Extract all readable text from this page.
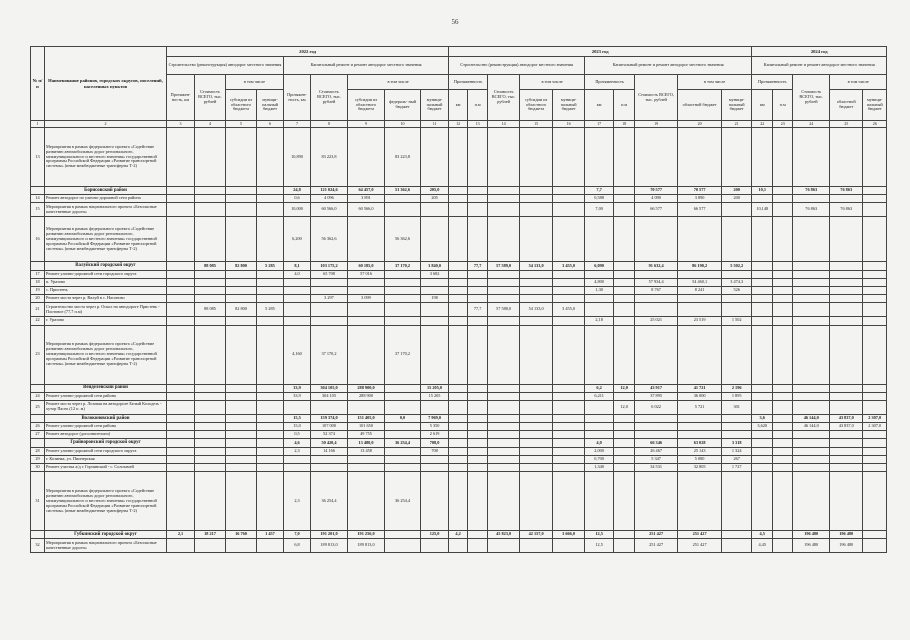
56
№ п/п	Наименование районов, городских округов, поселений, населенных пунктов	2022 год									2023 год										2024 год				
		Строительство (реконструкция) автодорог местного значения				Капитальный ремонт и ремонт автодорог местного значения					Строительство (реконструкция) автодорог местного значения					Капитальный ремонт и ремонт автодорог местного значения					Капитальный ремонт и ремонт автодорог местного значения				
		Протяжен- ность, км	Стоимость ВСЕГО, тыс. рублей	в том числе		Протяжен- ность, км	Стоимость ВСЕГО, тыс. рублей	в том числе			Протяженность		Стоимость ВСЕГО, тыс. рублей	в том числе		Протяженность		Стоимость ВСЕГО, тыс. рублей	в том числе		Протяженность		Стоимость ВСЕГО, тыс. рублей	в том числе	
				субсидии из областного бюджета	муници- пальный бюджет			субсидии из областного бюджета	федераль- ный бюджет	муници- пальный бюджет	км	п.м		субсидии из областного бюджета	муници- пальный бюджет	км	п.м		областной бюджет	муници- пальный бюджет	км	п.м		областной бюджет	муници- пальный бюджет
1	2	3	4	5	6	7	8	9	10	11	12	13	14	15	16	17	18	19	20	21	22	23	24	25	26
13	Мероприятия в рамках федерального проекта «Содействие развитию автомобильных дорог регионального, межмуниципального и местного значения» государственной программы Российской Федерации «Развитие транспортной системы» (иные межбюджетные трансферты Т-2)					10,890	83 223,8		83 223,8																
	Борисовский район					24,8	121 024,6	64 457,0	51 362,6	205,0						7,7		70 577	70 577	200	10,1		76 863	76 863	
14	Ремонт автодорог по улично-дорожной сети района					0,6	4 096	3 891		205						0,588		4 090	3 890	200					
15	Мероприятия в рамках национального проекта «Безопасные качественные дороги»					10,000	60 566,0	60 566,0								7,00		66 577	66 577		10,148		76 863	76 863	
16	Мероприятия в рамках федерального проекта «Содействие развитию автомобильных дорог регионального, межмуниципального и местного значения» государственной программы Российской Федерации «Развитие транспортной системы» (иные межбюджетные трансферты Т-2)					6,200	56 362,6		56 362,6																
	Валуйский городской округ		88 085	82 800	5 285	8,1	103 175,2	60 185,0	37 170,2	3 840,0		77,7	57 589,0	54 133,0	3 455,0	6,090		91 632,4	86 190,2	5 502,2					
17	Ремонт улично-дорожной сети городского округа					4,0	65 708	57 016		3 682															
18	п. Уразово															4,800		57 934,4	54 460,1	3 474,3					
19	с. Пристень															1,30		8 767	8 241	526					
20	Ремонт моста через р. Валуй в с. Насоново						3 297	3 099		198															
21	Строительство моста через р. Оскол на автодороге Пристень - Плотовое (77,7 п.м)		88 085	82 800	5 285							77,7	57 588,0	54 133,0	3 455,0										
22	г. Уразово															2,18		25 021	23 519	1 502					
23	Мероприятия в рамках федерального проекта «Содействие развитию автомобильных дорог регионального, межмуниципального и местного значения» государственной программы Российской Федерации «Развитие транспортной системы» (иные межбюджетные трансферты Т-2)					4,160	37 170,2		37 170,2																
	Вейделевский район					33,9	304 105,0	288 900,0		15 205,0						6,2	12,0	43 917	41 721	2 196					
24	Ремонт улично-дорожной сети района					33,9	304 105	288 900		15 205						6,211		37 895	36 000	1 895					
25	Ремонт моста через р. Лозовая на автодороге Белый Колодезь - хутор Пасек (12 п. м)																12,0	6 022	5 721	301					
	Волоконовский район					15,5	159 374,0	151 405,0	0,0	7 969,0											3,6		46 144,0	43 837,0	2 307,0
26	Ремонт улично-дорожной сети района					15,0	107 000	101 650		5 350											3,620		46 144,0	43 837,0	2 307,0
27	Ремонт автодорог (дополнительно)					0,5	52 374	49 755		2 619															
	Грайворонский городской округ					4,6	50 420,4	13 480,0	36 254,4	708,0						4,0		66 346	63 028	3 318					
28	Ремонт улично-дорожной сети городского округа					2,3	14 166	13 458		708						2,000		26 467	25 143	1 324					
29	г. Козинка, ул. Пионерская															0,700		5 347	5 080	267					
30	Ремонт участка а/д г. Горчинский - с. Солохачей															1,340		34 531	32 805	1 727					
31	Мероприятия в рамках федерального проекта «Содействие развитию автомобильных дорог регионального, межмуниципального и местного значения» государственной программы Российской Федерации «Развитие транспортной системы» (иные межбюджетные трансферты Т-2)					2,3	36 254,4		36 254,4																
	Губкинский городской округ	2,1	18 217	16 760	1 457	7,0	191 201,0	191 256,0		125,0	4,2		45 823,0	42 157,0	3 666,0	12,5		251 427	251 427		4,5		196 480	196 480	
32	Мероприятия в рамках национального проекта «Безопасные качественные дороги»					6,8	189 813,0	189 813,0								12,5		251 427	251 427		4,45		196 480	196 480	
